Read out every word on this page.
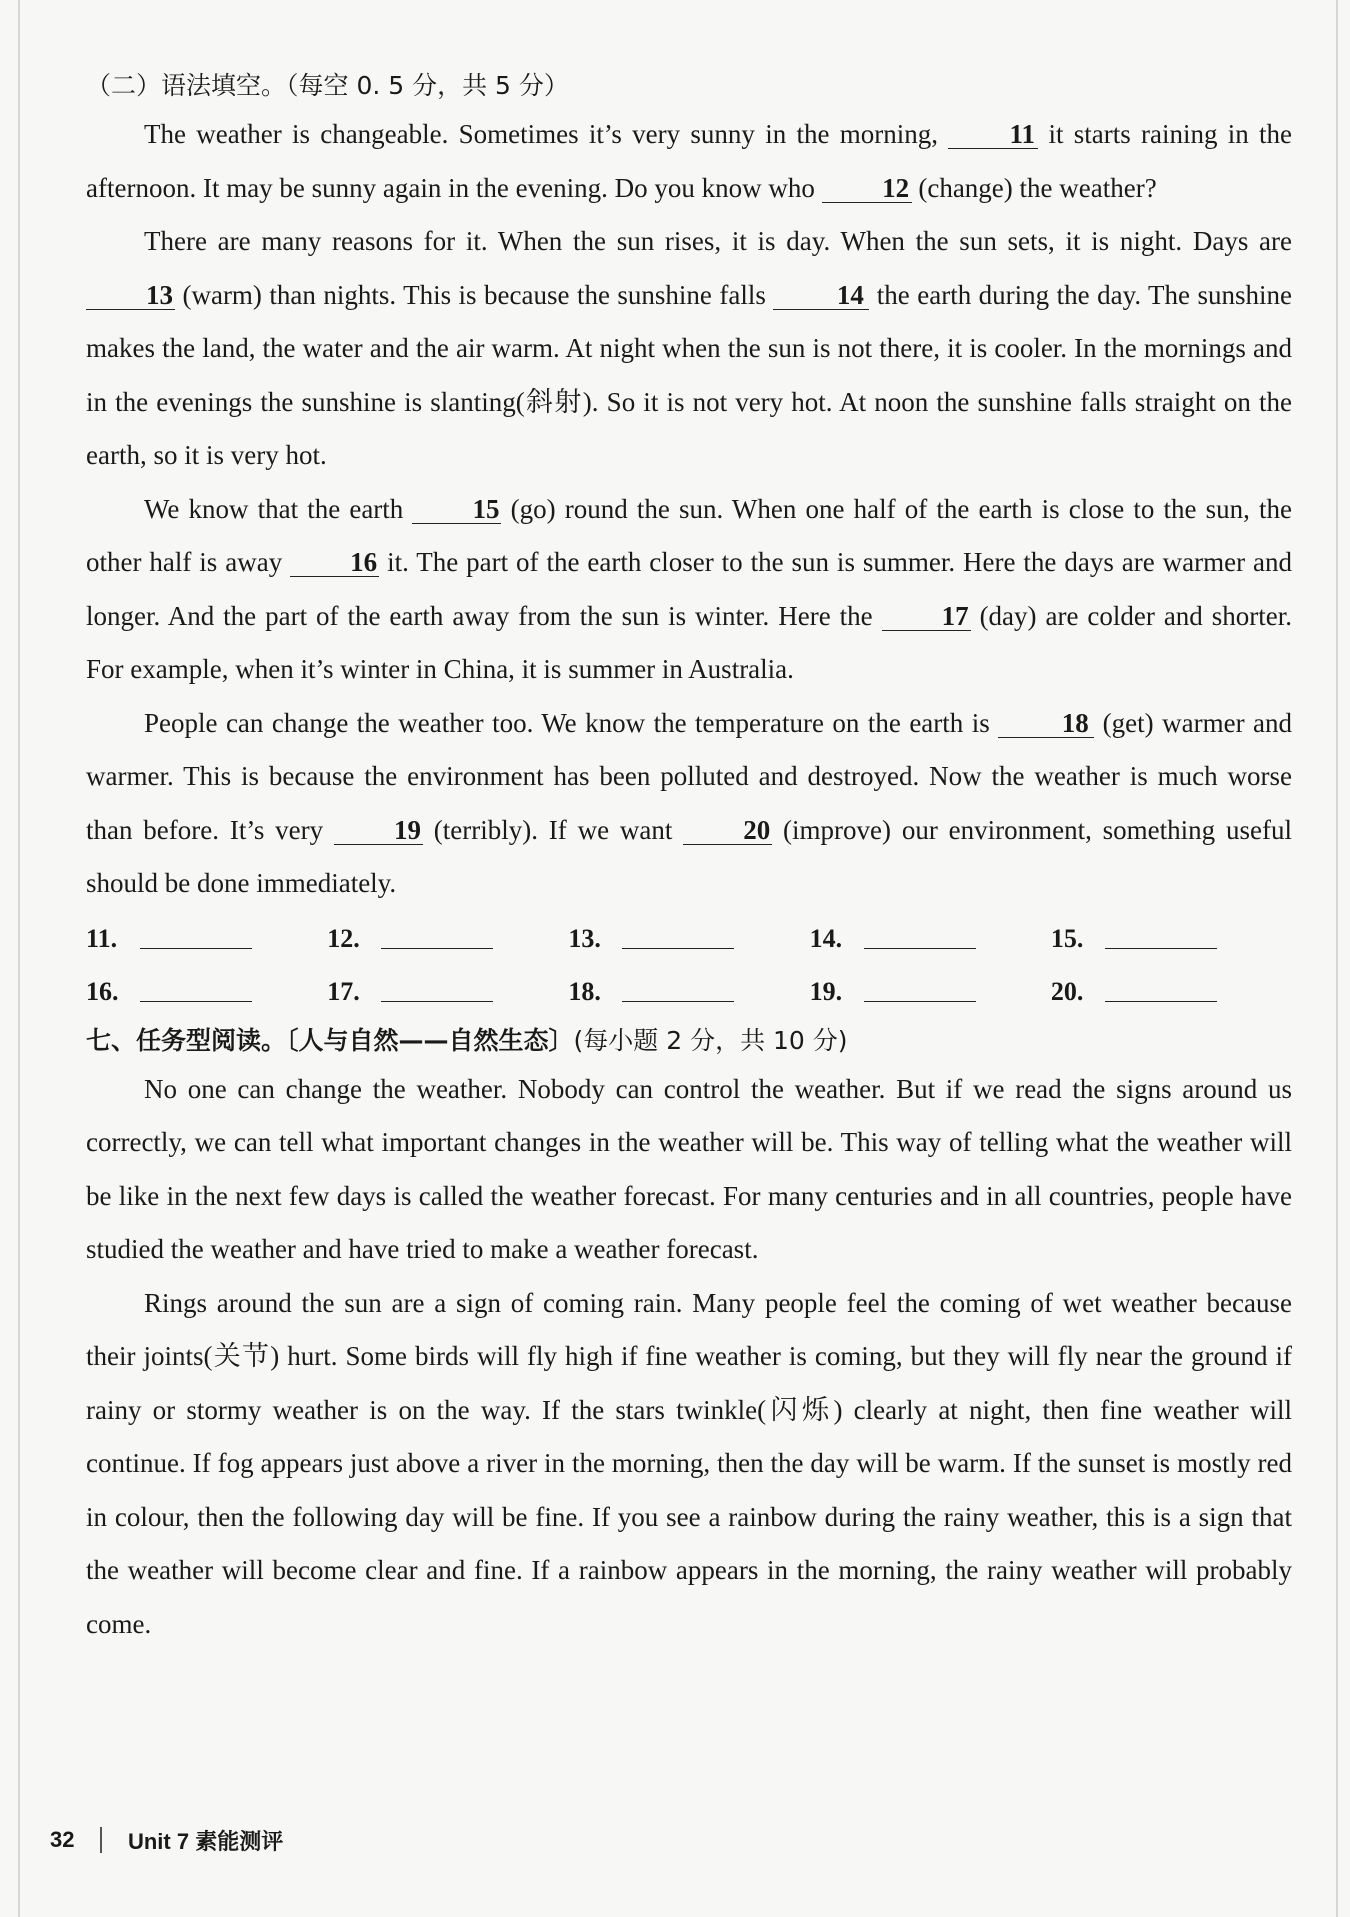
（二）语法填空。（每空 0. 5 分，共 5 分）

The weather is changeable. Sometimes it’s very sunny in the morning, 11 it starts raining in the afternoon. It may be sunny again in the evening. Do you know who 12 (change) the weather?

There are many reasons for it. When the sun rises, it is day. When the sun sets, it is night. Days are 13 (warm) than nights. This is because the sunshine falls 14 the earth during the day. The sunshine makes the land, the water and the air warm. At night when the sun is not there, it is cooler. In the mornings and in the evenings the sunshine is slanting(斜射). So it is not very hot. At noon the sunshine falls straight on the earth, so it is very hot.

We know that the earth 15 (go) round the sun. When one half of the earth is close to the sun, the other half is away 16 it. The part of the earth closer to the sun is summer. Here the days are warmer and longer. And the part of the earth away from the sun is winter. Here the 17 (day) are colder and shorter. For example, when it’s winter in China, it is summer in Australia.

People can change the weather too. We know the temperature on the earth is 18 (get) warmer and warmer. This is because the environment has been polluted and destroyed. Now the weather is much worse than before. It’s very 19 (terribly). If we want 20 (improve) our environment, something useful should be done immediately.

11.	12.	13.	14.	15.
16.	17.	18.	19.	20.
七、任务型阅读。〔人与自然——自然生态〕(每小题 2 分，共 10 分)

No one can change the weather. Nobody can control the weather. But if we read the signs around us correctly, we can tell what important changes in the weather will be. This way of telling what the weather will be like in the next few days is called the weather forecast. For many centuries and in all countries, people have studied the weather and have tried to make a weather forecast.

Rings around the sun are a sign of coming rain. Many people feel the coming of wet weather because their joints(关节) hurt. Some birds will fly high if fine weather is coming, but they will fly near the ground if rainy or stormy weather is on the way. If the stars twinkle(闪烁) clearly at night, then fine weather will continue. If fog appears just above a river in the morning, then the day will be warm. If the sunset is mostly red in colour, then the following day will be fine. If you see a rainbow during the rainy weather, this is a sign that the weather will become clear and fine. If a rainbow appears in the morning, the rainy weather will probably come.

32 Unit 7 素能测评
